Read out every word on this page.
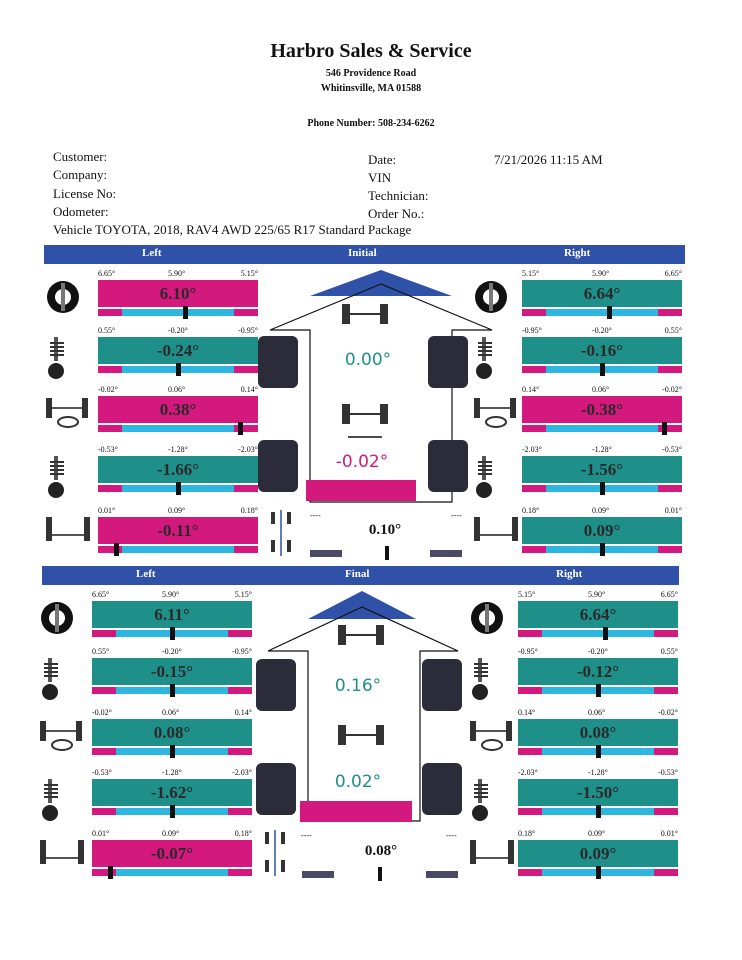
Harbro Sales & Service
546 Providence Road
Whitinsville, MA 01588
Phone Number: 508-234-6262
Customer:
Company:
License No:
Odometer:
Vehicle TOYOTA, 2018, RAV4 AWD 225/65 R17 Standard Package
Date:	7/21/2026 11:15 AM
VIN
Technician:
Order No.:
Left	Initial	Right
Left	Final	Right
6.65°	5.90°	5.15°
6.10°
0.55°	-0.20°	-0.95°
-0.24°
-0.02°	0.06°	0.14°
0.38°
-0.53°	-1.28°	-2.03°
-1.66°
0.01°	0.09°	0.18°
-0.11°
5.15°	5.90°	6.65°
6.64°
-0.95°	-0.20°	0.55°
-0.16°
0.14°	0.06°	-0.02°
-0.38°
-2.03°	-1.28°	-0.53°
-1.56°
0.18°	0.09°	0.01°
0.09°
6.65°	5.90°	5.15°
6.11°
0.55°	-0.20°	-0.95°
-0.15°
-0.02°	0.06°	0.14°
0.08°
-0.53°	-1.28°	-2.03°
-1.62°
0.01°	0.09°	0.18°
-0.07°
5.15°	5.90°	6.65°
6.64°
-0.95°	-0.20°	0.55°
-0.12°
0.14°	0.06°	-0.02°
0.08°
-2.03°	-1.28°	-0.53°
-1.50°
0.18°	0.09°	0.01°
0.09°
0.00°
-0.02°
0.16°
0.02°
----	----
0.10°
----	----
0.08°
